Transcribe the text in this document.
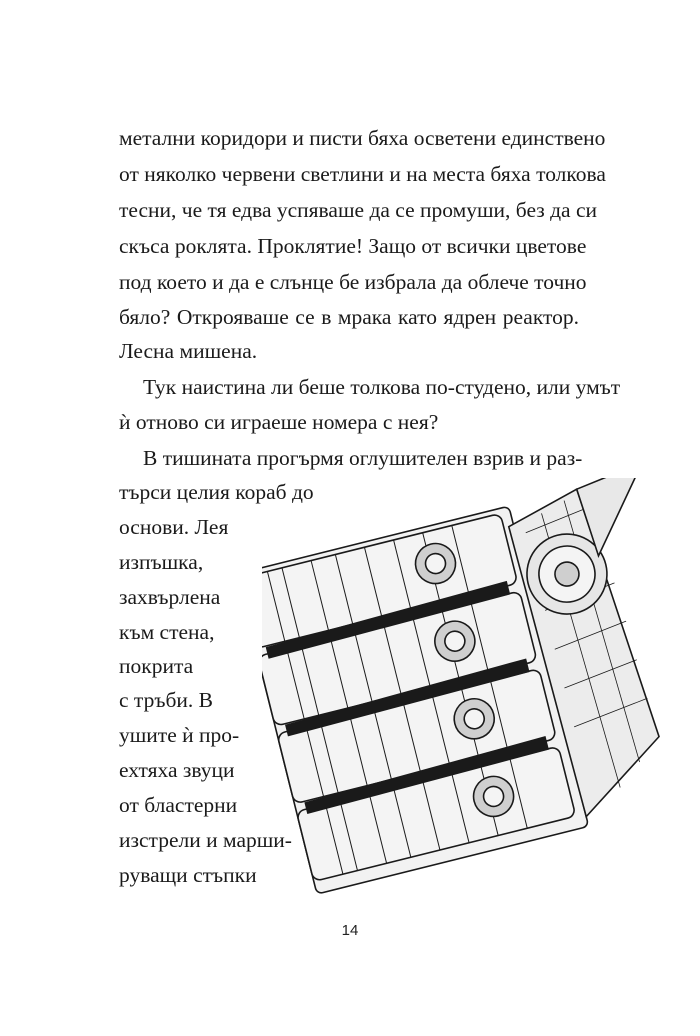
метални коридори и писти бяха осветени единствено
от няколко червени светлини и на места бяха толкова
тесни, че тя едва успяваше да се промуши, без да си
скъса роклята. Проклятие! Защо от всички цветове
под което и да е слънце бе избрала да облече точно
бяло? Открояваше се в мрака като ядрен реактор.
Лесна мишена.
Тук наистина ли беше толкова по-студено, или умът
ѝ отново си играеше номера с нея?
В тишината прогърмя оглушителен взрив и раз-
търси целия кораб до
основи. Лея
изпъшка,
захвърлена
към стена,
покрита
с тръби. В
ушите ѝ про-
ехтяха звуци
от бластерни
изстрели и марши-
руващи стъпки
14
